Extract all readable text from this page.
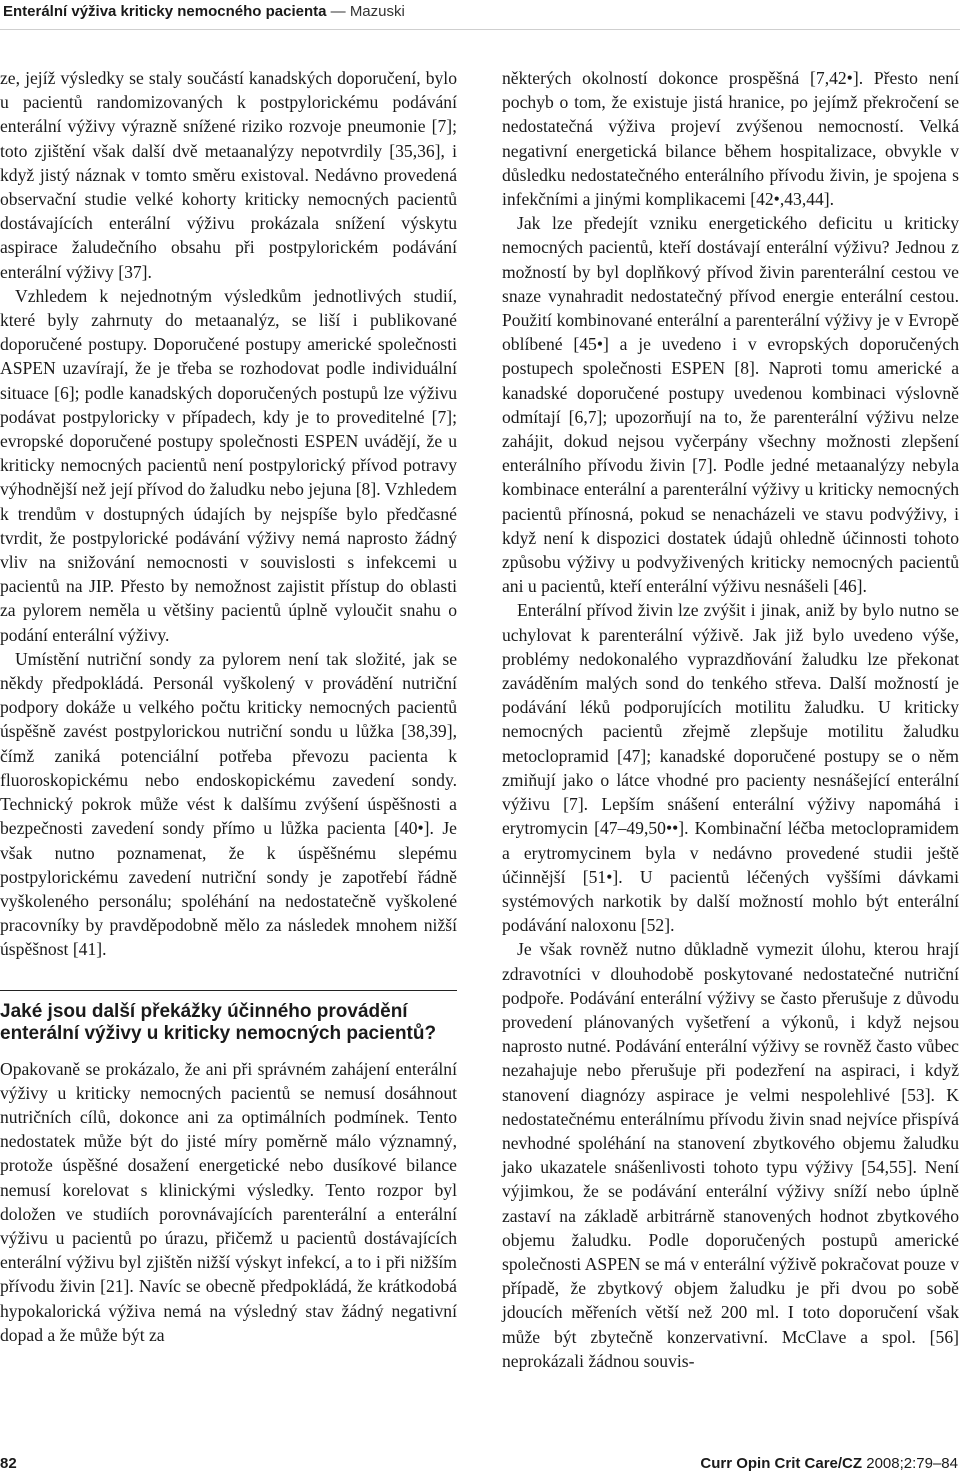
Enterální výživa kriticky nemocného pacienta — Mazuski

ze, jejíž výsledky se staly součástí kanadských doporučení, bylo u pacientů randomizovaných k postpylorickému podávání enterální výživy výrazně snížené riziko rozvoje pneumonie [7]; toto zjištění však další dvě metaanalýzy nepotvrdily [35,36], i když jistý náznak v tomto směru existoval. Nedávno provedená observační studie velké kohorty kriticky nemocných pacientů dostávajících enterální výživu prokázala snížení výskytu aspirace žaludečního obsahu při postpylorickém podávání enterální výživy [37].

Vzhledem k nejednotným výsledkům jednotlivých studií, které byly zahrnuty do metaanalýz, se liší i publikované doporučené postupy. Doporučené postupy americké společnosti ASPEN uzavírají, že je třeba se rozhodovat podle individuální situace [6]; podle kanadských doporučených postupů lze výživu podávat postpyloricky v případech, kdy je to proveditelné [7]; evropské doporučené postupy společnosti ESPEN uvádějí, že u kriticky nemocných pacientů není postpylorický přívod potravy výhodnější než její přívod do žaludku nebo jejuna [8]. Vzhledem k trendům v dostupných údajích by nejspíše bylo předčasné tvrdit, že postpylorické podávání výživy nemá naprosto žádný vliv na snižování nemocnosti v souvislosti s infekcemi u pacientů na JIP. Přesto by nemožnost zajistit přístup do oblasti za pylorem neměla u většiny pacientů úplně vyloučit snahu o podání enterální výživy.

Umístění nutriční sondy za pylorem není tak složité, jak se někdy předpokládá. Personál vyškolený v provádění nutriční podpory dokáže u velkého počtu kriticky nemocných pacientů úspěšně zavést postpylorickou nutriční sondu u lůžka [38,39], čímž zaniká potenciální potřeba převozu pacienta k fluoroskopickému nebo endoskopickému zavedení sondy. Technický pokrok může vést k dalšímu zvýšení úspěšnosti a bezpečnosti zavedení sondy přímo u lůžka pacienta [40•]. Je však nutno poznamenat, že k úspěšnému slepému postpylorickému zavedení nutriční sondy je zapotřebí řádně vyškoleného personálu; spoléhání na nedostatečně vyškolené pracovníky by pravděpodobně mělo za následek mnohem nižší úspěšnost [41].

Jaké jsou další překážky účinného provádění enterální výživy u kriticky nemocných pacientů?

Opakovaně se prokázalo, že ani při správném zahájení enterální výživy u kriticky nemocných pacientů se nemusí dosáhnout nutričních cílů, dokonce ani za optimálních podmínek. Tento nedostatek může být do jisté míry poměrně málo významný, protože úspěšné dosažení energetické nebo dusíkové bilance nemusí korelovat s klinickými výsledky. Tento rozpor byl doložen ve studiích porovnávajících parenterální a enterální výživu u pacientů po úrazu, přičemž u pacientů dostávajících enterální výživu byl zjištěn nižší výskyt infekcí, a to i při nižším přívodu živin [21]. Navíc se obecně předpokládá, že krátkodobá hypokalorická výživa nemá na výsledný stav žádný negativní dopad a že může být za

některých okolností dokonce prospěšná [7,42•]. Přesto není pochyb o tom, že existuje jistá hranice, po jejímž překročení se nedostatečná výživa projeví zvýšenou nemocností. Velká negativní energetická bilance během hospitalizace, obvykle v důsledku nedostatečného enterálního přívodu živin, je spojena s infekčními a jinými komplikacemi [42•,43,44].

Jak lze předejít vzniku energetického deficitu u kriticky nemocných pacientů, kteří dostávají enterální výživu? Jednou z možností by byl doplňkový přívod živin parenterální cestou ve snaze vynahradit nedostatečný přívod energie enterální cestou. Použití kombinované enterální a parenterální výživy je v Evropě oblíbené [45•] a je uvedeno i v evropských doporučených postupech společnosti ESPEN [8]. Naproti tomu americké a kanadské doporučené postupy uvedenou kombinaci výslovně odmítají [6,7]; upozorňují na to, že parenterální výživu nelze zahájit, dokud nejsou vyčerpány všechny možnosti zlepšení enterálního přívodu živin [7]. Podle jedné metaanalýzy nebyla kombinace enterální a parenterální výživy u kriticky nemocných pacientů přínosná, pokud se nenacházeli ve stavu podvýživy, i když není k dispozici dostatek údajů ohledně účinnosti tohoto způsobu výživy u podvyživených kriticky nemocných pacientů ani u pacientů, kteří enterální výživu nesnášeli [46].

Enterální přívod živin lze zvýšit i jinak, aniž by bylo nutno se uchylovat k parenterální výživě. Jak již bylo uvedeno výše, problémy nedokonalého vyprazdňování žaludku lze překonat zaváděním malých sond do tenkého střeva. Další možností je podávání léků podporujících motilitu žaludku. U kriticky nemocných pacientů zřejmě zlepšuje motilitu žaludku metoclopramid [47]; kanadské doporučené postupy se o něm zmiňují jako o látce vhodné pro pacienty nesnášející enterální výživu [7]. Lepším snášení enterální výživy napomáhá i erytromycin [47–49,50••]. Kombinační léčba metoclopramidem a erytromycinem byla v nedávno provedené studii ještě účinnější [51•]. U pacientů léčených vyššími dávkami systémových narkotik by další možností mohlo být enterální podávání naloxonu [52].

Je však rovněž nutno důkladně vymezit úlohu, kterou hrají zdravotníci v dlouhodobě poskytované nedostatečné nutriční podpoře. Podávání enterální výživy se často přerušuje z důvodu provedení plánovaných vyšetření a výkonů, i když nejsou naprosto nutné. Podávání enterální výživy se rovněž často vůbec nezahajuje nebo přerušuje při podezření na aspiraci, i když stanovení diagnózy aspirace je velmi nespolehlivé [53]. K nedostatečnému enterálnímu přívodu živin snad nejvíce přispívá nevhodné spoléhání na stanovení zbytkového objemu žaludku jako ukazatele snášenlivosti tohoto typu výživy [54,55]. Není výjimkou, že se podávání enterální výživy sníží nebo úplně zastaví na základě arbitrárně stanovených hodnot zbytkového objemu žaludku. Podle doporučených postupů americké společnosti ASPEN se má v enterální výživě pokračovat pouze v případě, že zbytkový objem žaludku je při dvou po sobě jdoucích měřeních větší než 200 ml. I toto doporučení však může být zbytečně konzervativní. McClave a spol. [56] neprokázali žádnou souvis-

82	Curr Opin Crit Care/CZ 2008;2:79–84
